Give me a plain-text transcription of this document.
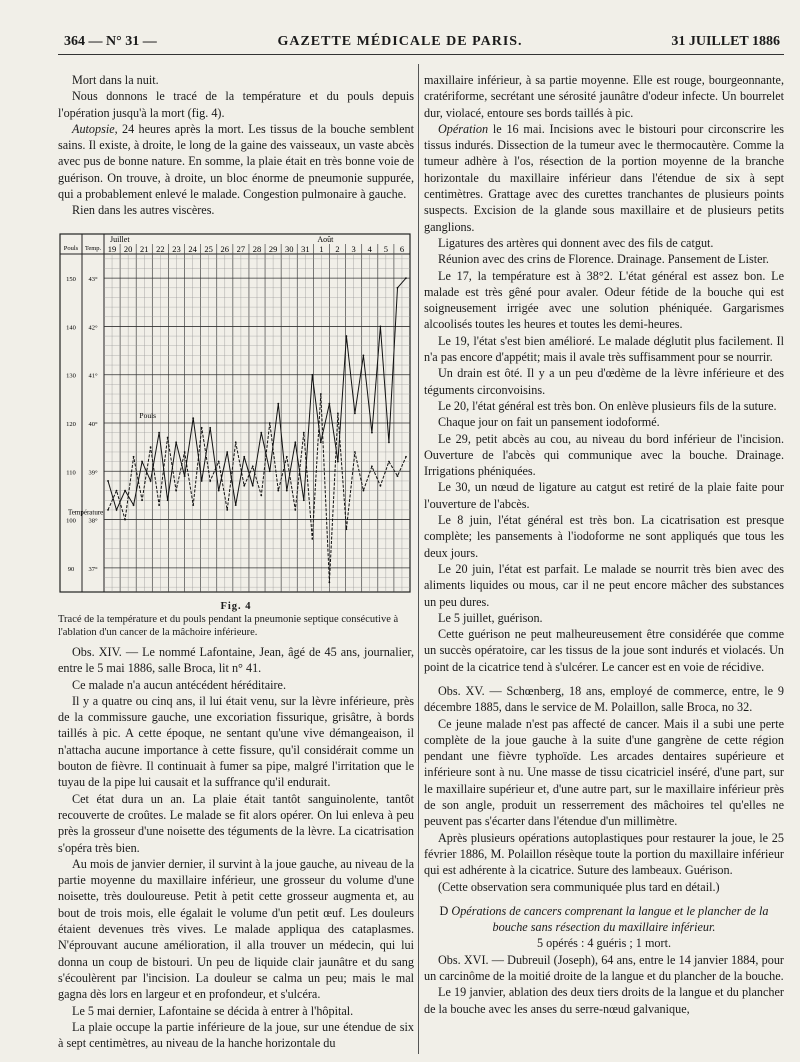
364 — N° 31 —	GAZETTE MÉDICALE DE PARIS.	31 JUILLET 1886

Mort dans la nuit.

Nous donnons le tracé de la température et du pouls depuis l'opération jusqu'à la mort (fig. 4).

Autopsie, 24 heures après la mort. Les tissus de la bouche semblent sains. Il existe, à droite, le long de la gaine des vaisseaux, un vaste abcès avec pus de bonne nature. En somme, la plaie était en très bonne voie de guérison. On trouve, à droite, un bloc énorme de pneumonie suppurée, qui a probablement enlevé le malade. Congestion pulmonaire à gauche.

Rien dans les autres viscères.

Pouls Temp.
Juillet	Août
19 20 21 22 23 24 25 26 27 28 29 30 31 1 2 3 4 5 6
43°
42°
41°
40°
39°
38°
37°
150
140
130
120
110
100
90
Pouls
Température
Fig. 4
Tracé de la température et du pouls pendant la pneumonie septique consécutive à l'ablation d'un cancer de la mâchoire inférieure.

Obs. XIV. — Le nommé Lafontaine, Jean, âgé de 45 ans, journalier, entre le 5 mai 1886, salle Broca, lit n° 41.

Ce malade n'a aucun antécédent héréditaire.

Il y a quatre ou cinq ans, il lui était venu, sur la lèvre inférieure, près de la commissure gauche, une excoriation fissurique, grisâtre, à bords taillés à pic. A cette époque, ne sentant qu'une vive démangeaison, il n'attacha aucune importance à cette fissure, qu'il considérait comme un bouton de fièvre. Il continuait à fumer sa pipe, malgré l'irritation que le tuyau de la pipe lui causait et la suffrance qu'il endurait.

Cet état dura un an. La plaie était tantôt sanguinolente, tantôt recouverte de croûtes. Le malade se fit alors opérer. On lui enleva à peu près la grosseur d'une noisette des téguments de la lèvre. La cicatrisation s'opéra très bien.

Au mois de janvier dernier, il survint à la joue gauche, au niveau de la partie moyenne du maxillaire inférieur, une grosseur du volume d'une noisette, très douloureuse. Petit à petit cette grosseur augmenta et, au bout de trois mois, elle égalait le volume d'un petit œuf. Les douleurs étaient devenues très vives. Le malade appliqua des cataplasmes. N'éprouvant aucune amélioration, il alla trouver un médecin, qui lui donna un coup de bistouri. Un peu de liquide clair jaunâtre et du sang s'écoulèrent par l'incision. La douleur se calma un peu; mais le mal gagna dès lors en largeur et en profondeur, et s'ulcéra.

Le 5 mai dernier, Lafontaine se décida à entrer à l'hôpital.

La plaie occupe la partie inférieure de la joue, sur une étendue de six à sept centimètres, au niveau de la hanche horizontale du

maxillaire inférieur, à sa partie moyenne. Elle est rouge, bourgeonnante, cratériforme, secrétant une sérosité jaunâtre d'odeur infecte. Un bourrelet dur, violacé, entoure ses bords taillés à pic.

Opération le 16 mai. Incisions avec le bistouri pour circonscrire les tissus indurés. Dissection de la tumeur avec le thermocautère. Comme la tumeur adhère à l'os, résection de la portion moyenne de la branche horizontale du maxillaire inférieur dans l'étendue de six à sept centimètres. Grattage avec des curettes tranchantes de plusieurs points suspects. Excision de la glande sous maxillaire et de plusieurs petits ganglions.

Ligatures des artères qui donnent avec des fils de catgut.

Réunion avec des crins de Florence. Drainage. Pansement de Lister.

Le 17, la température est à 38°2. L'état général est assez bon. Le malade est très gêné pour avaler. Odeur fétide de la bouche qui est soigneusement irrigée avec une solution phéniquée. Gargarismes alcoolisés toutes les heures et toutes les demi-heures.

Le 19, l'état s'est bien amélioré. Le malade déglutit plus facilement. Il n'a pas encore d'appétit; mais il avale très suffisamment pour se nourrir.

Un drain est ôté. Il y a un peu d'œdème de la lèvre inférieure et des téguments circonvoisins.

Le 20, l'état général est très bon. On enlève plusieurs fils de la suture.

Chaque jour on fait un pansement iodoformé.

Le 29, petit abcès au cou, au niveau du bord inférieur de l'incision. Ouverture de l'abcès qui communique avec la bouche. Drainage. Irrigations phéniquées.

Le 30, un nœud de ligature au catgut est retiré de la plaie faite pour l'ouverture de l'abcès.

Le 8 juin, l'état général est très bon. La cicatrisation est presque complète; les pansements à l'iodoforme ne sont appliqués que tous les deux jours.

Le 20 juin, l'état est parfait. Le malade se nourrit très bien avec des aliments liquides ou mous, car il ne peut encore mâcher des substances un peu dures.

Le 5 juillet, guérison.

Cette guérison ne peut malheureusement être considérée que comme un succès opératoire, car les tissus de la joue sont indurés et violacés. Un point de la cicatrice tend à s'ulcérer. Le cancer est en voie de récidive.

Obs. XV. — Schœnberg, 18 ans, employé de commerce, entre, le 9 décembre 1885, dans le service de M. Polaillon, salle Broca, no 32.

Ce jeune malade n'est pas affecté de cancer. Mais il a subi une perte complète de la joue gauche à la suite d'une gangrène de cette région pendant une fièvre typhoïde. Les arcades dentaires supérieure et inférieure sont à nu. Une masse de tissu cicatriciel inséré, d'une part, sur le maxillaire supérieur et, d'une autre part, sur le maxillaire inférieur près de son angle, produit un resserrement des mâchoires tel qu'elles ne peuvent pas s'écarter dans l'étendue d'un millimètre.

Après plusieurs opérations autoplastiques pour restaurer la joue, le 25 février 1886, M. Polaillon résèque toute la portion du maxillaire inférieur qui est adhérente à la cicatrice. Suture des lambeaux. Guérison.

(Cette observation sera communiquée plus tard en détail.)

D Opérations de cancers comprenant la langue et le plancher de la bouche sans résection du maxillaire inférieur.

5 opérés : 4 guéris ; 1 mort.

Obs. XVI. — Dubreuil (Joseph), 64 ans, entre le 14 janvier 1884, pour un carcinôme de la moitié droite de la langue et du plancher de la bouche.

Le 19 janvier, ablation des deux tiers droits de la langue et du plancher de la bouche avec les anses du serre-nœud galvanique,
